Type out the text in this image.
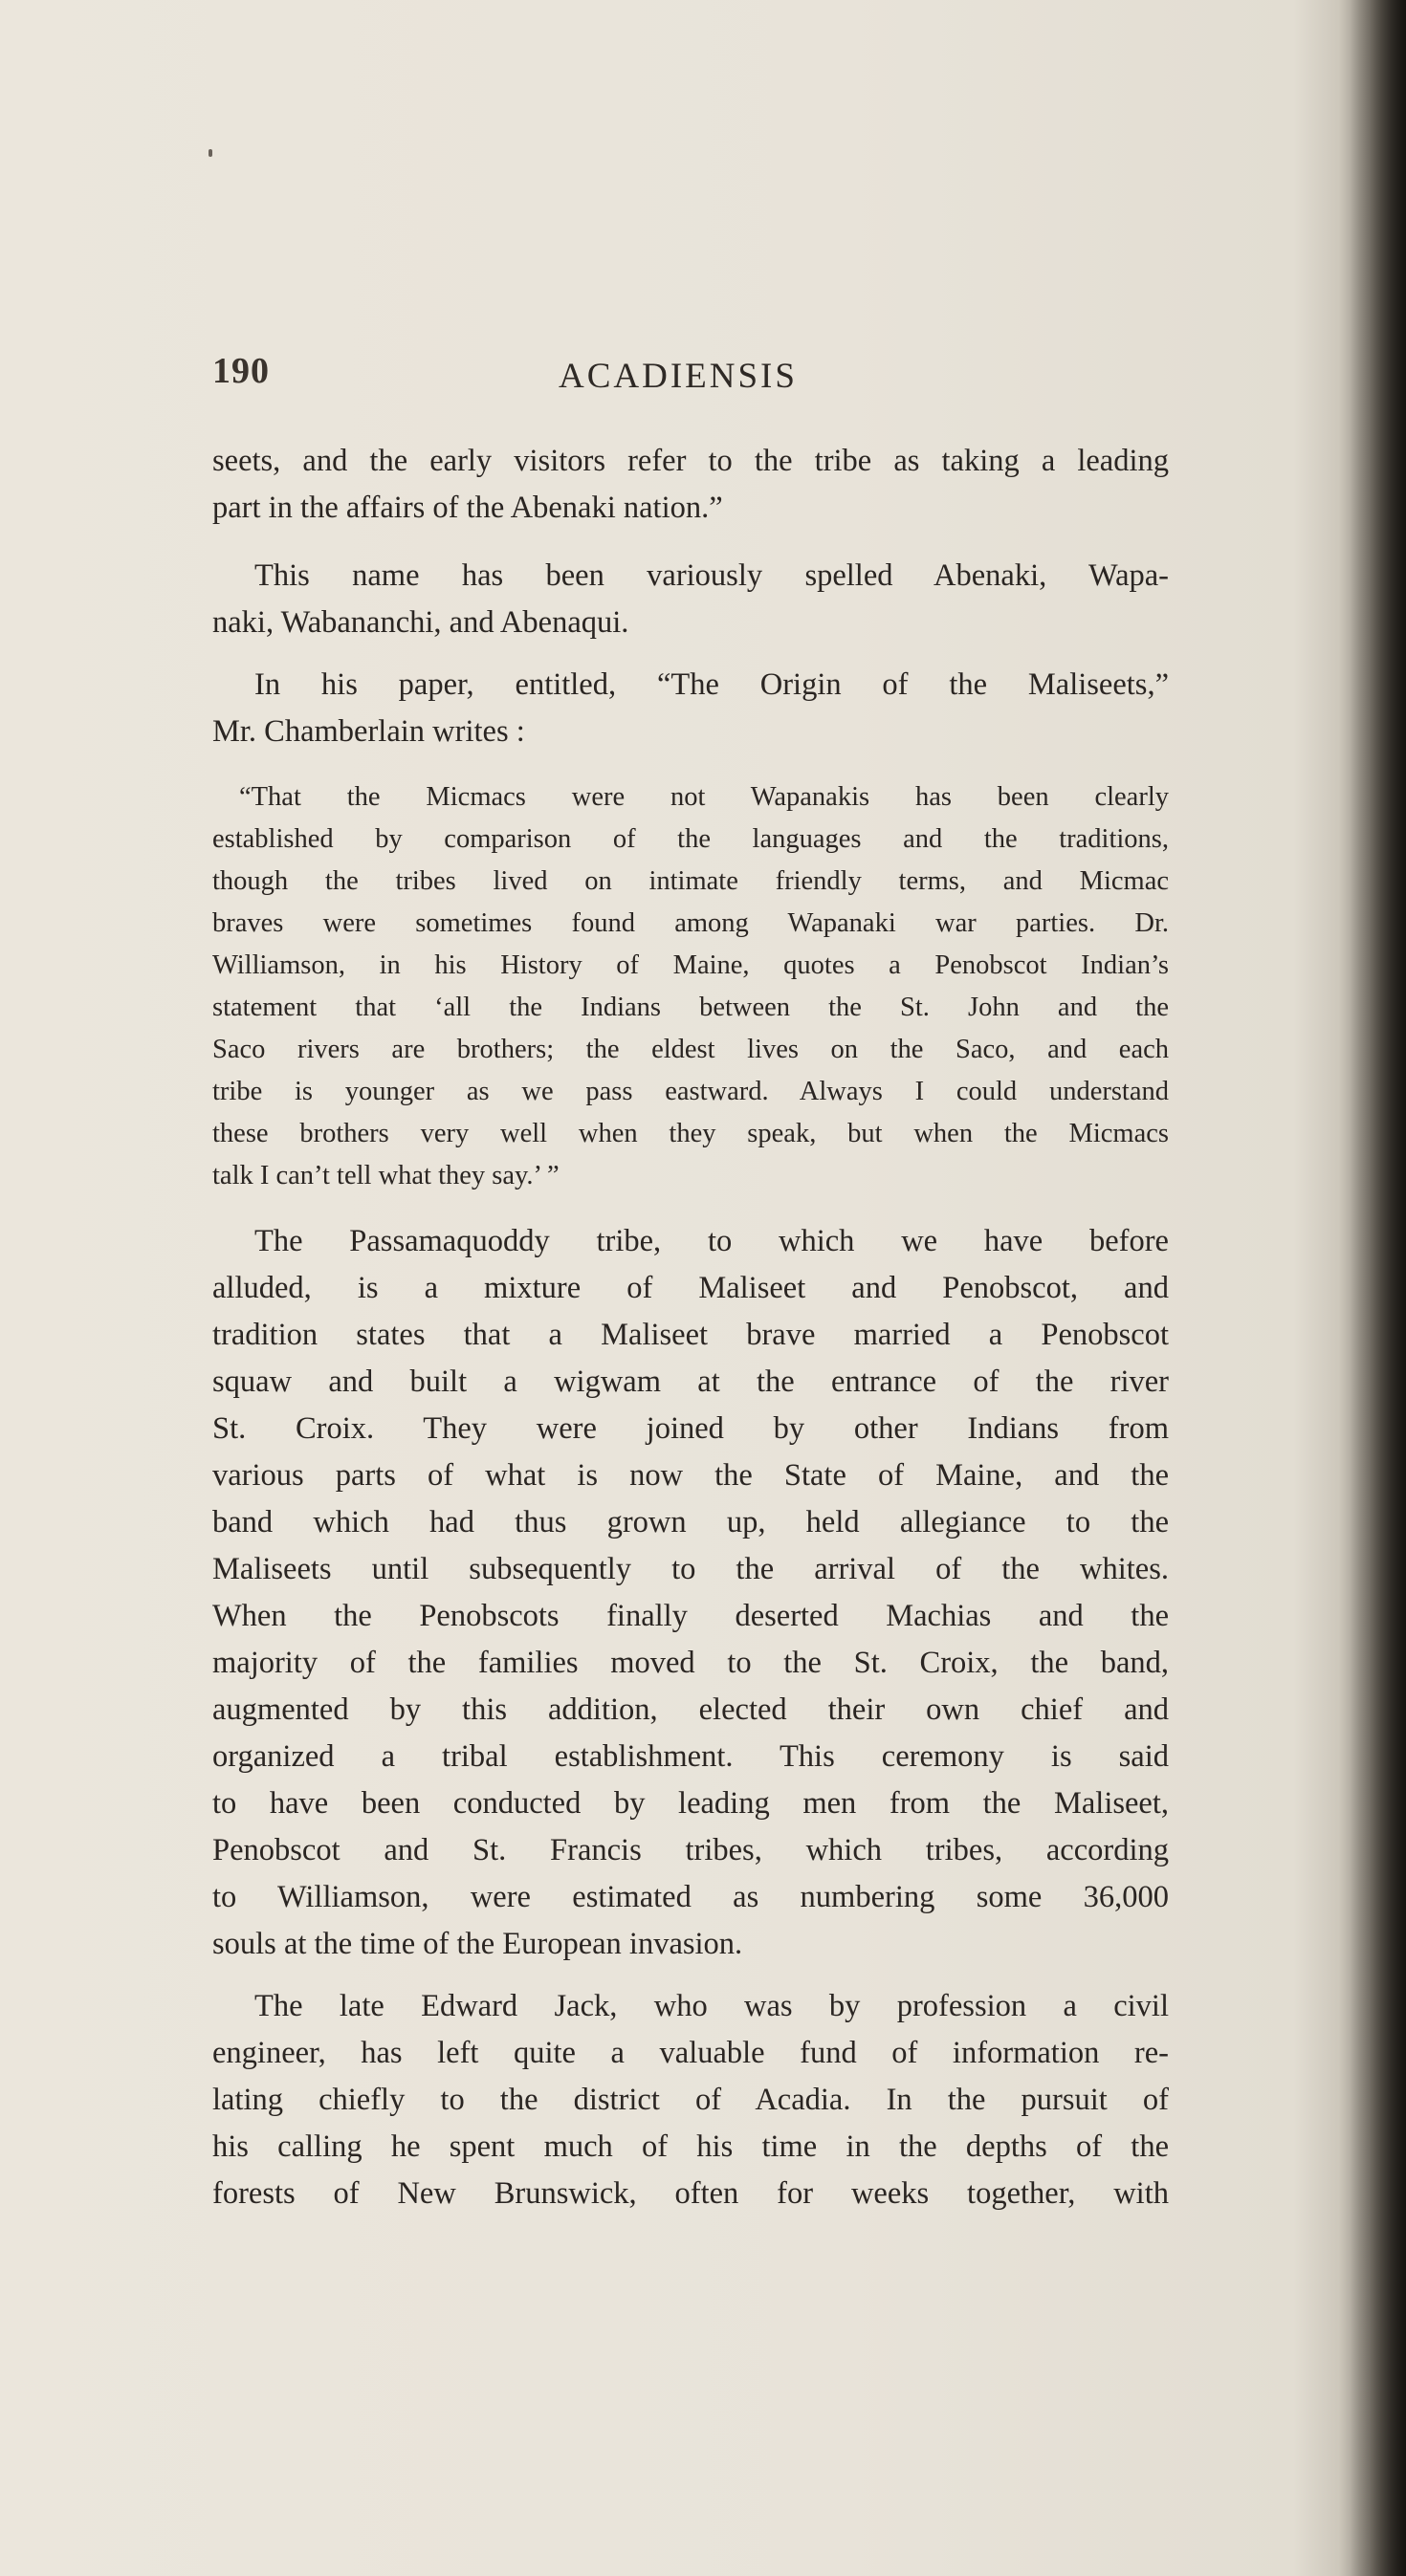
190	ACADIENSIS

seets, and the early visitors refer to the tribe as taking a leading
part in the affairs of the Abenaki nation.”

This name has been variously spelled Abenaki, Wapa-
naki, Wabananchi, and Abenaqui.

In his paper, entitled, “The Origin of the Maliseets,”
Mr. Chamberlain writes :

“That the Micmacs were not Wapanakis has been clearly
established by comparison of the languages and the traditions,
though the tribes lived on intimate friendly terms, and Micmac
braves were sometimes found among Wapanaki war parties. Dr.
Williamson, in his History of Maine, quotes a Penobscot Indian’s
statement that ‘all the Indians between the St. John and the
Saco rivers are brothers; the eldest lives on the Saco, and each
tribe is younger as we pass eastward. Always I could understand
these brothers very well when they speak, but when the Micmacs
talk I can’t tell what they say.’ ”

The Passamaquoddy tribe, to which we have before
alluded, is a mixture of Maliseet and Penobscot, and
tradition states that a Maliseet brave married a Penobscot
squaw and built a wigwam at the entrance of the river
St. Croix. They were joined by other Indians from
various parts of what is now the State of Maine, and the
band which had thus grown up, held allegiance to the
Maliseets until subsequently to the arrival of the whites.
When the Penobscots finally deserted Machias and the
majority of the families moved to the St. Croix, the band,
augmented by this addition, elected their own chief and
organized a tribal establishment. This ceremony is said
to have been conducted by leading men from the Maliseet,
Penobscot and St. Francis tribes, which tribes, according
to Williamson, were estimated as numbering some 36,000
souls at the time of the European invasion.

The late Edward Jack, who was by profession a civil
engineer, has left quite a valuable fund of information re-
lating chiefly to the district of Acadia. In the pursuit of
his calling he spent much of his time in the depths of the
forests of New Brunswick, often for weeks together, with
